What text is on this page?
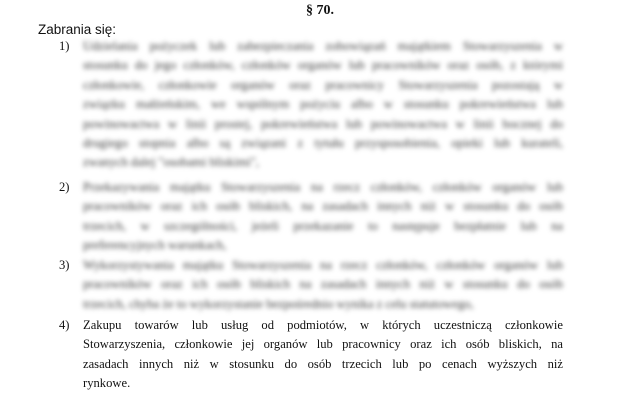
§ 70.
Zabrania się:
1)	Udzielania pożyczek lub zabezpieczania zobowiązań majątkiem Stowarzyszenia w
stosunku do jego członków, członków organów lub pracowników oraz osób, z którymi
członkowie, członkowie organów oraz pracownicy Stowarzyszenia pozostają w
związku małżeńskim, we wspólnym pożyciu albo w stosunku pokrewieństwa lub
powinowactwa w linii prostej, pokrewieństwa lub powinowactwa w linii bocznej do
drugiego stopnia albo są związani z tytułu przysposobienia, opieki lub kurateli,
zwanych dalej "osobami bliskimi",
2)	Przekazywania majątku Stowarzyszenia na rzecz członków, członków organów lub
pracowników oraz ich osób bliskich, na zasadach innych niż w stosunku do osób
trzecich, w szczególności, jeżeli przekazanie to następuje bezpłatnie lub na
preferencyjnych warunkach,
3)	Wykorzystywania majątku Stowarzyszenia na rzecz członków, członków organów lub
pracowników oraz ich osób bliskich na zasadach innych niż w stosunku do osób
trzecich, chyba że to wykorzystanie bezpośrednio wynika z celu statutowego,
4)	Zakupu towarów lub usług od podmiotów, w których uczestniczą członkowie
Stowarzyszenia, członkowie jej organów lub pracownicy oraz ich osób bliskich, na
zasadach innych niż w stosunku do osób trzecich lub po cenach wyższych niż
rynkowe.
